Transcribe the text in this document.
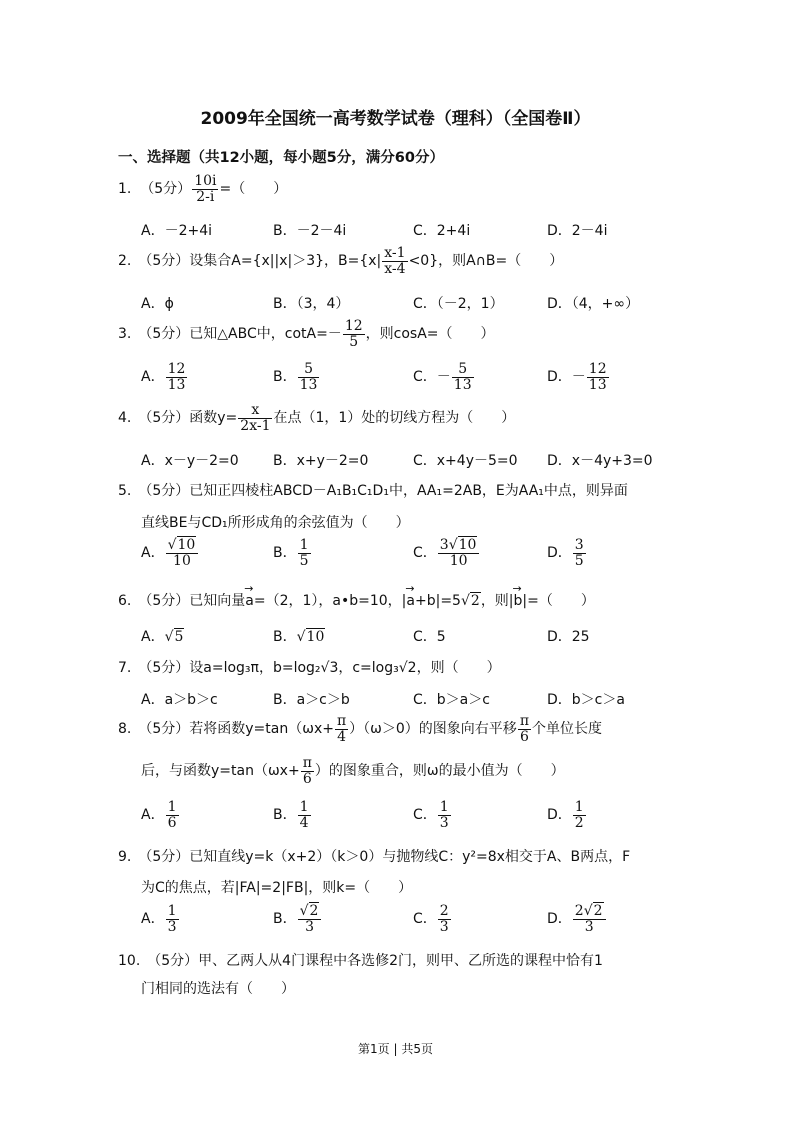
2009年全国统一高考数学试卷（理科）（全国卷Ⅱ）
一、选择题（共12小题，每小题5分，满分60分）
1. （5分） $\frac{10i}{2-i}$ =（　　）
A．－2+4i	B．－2－4i	C．2+4i	D．2－4i
2.　（5分）设集合A={x||x|＞3}，$B=\{x| \frac{x-1}{x-4} <0\}$，则A∩B=（　　）
A．ϕ	B．（3，4）	C．（－2，1）	D．（4，+∞）
3.　（5分）已知△ABC中，$\cot A=- \frac{12}{5}$ ，则cosA=（　　）
A． $\frac{12}{13}$	B． $\frac{5}{13}$	C．－ $\frac{5}{13}$	D．－ $\frac{12}{13}$
4.　（5分）函数$y= \frac{x}{2x-1}$ 在点（1，1）处的切线方程为（　　）
A．x－y－2=0 B．x+y－2=0	C．x+4y－5=0 D．x－4y+3=0
5.　（5分）已知正四棱柱ABCD－A₁B₁C₁D₁中，AA₁=2AB，E为AA₁中点，则异面
直线BE与CD₁所形成角的余弦值为（　　）
A． $\frac{√10}{10}$	B． $\frac{1}{5}$	C． $\frac{3√10}{10}$	D． $\frac{3}{5}$
6.　（5分）已知向量→ a=（2，1），a•b=10，|→ a+b|=5√2，则|→ b|=（　　）
A．√5	B．√10	C．5	D．25
7.　（5分）设a=log₃π，b=log₂√3，c=log₃√2，则（　　）
A．a＞b＞c	B．a＞c＞b	C．b＞a＞c	D．b＞c＞a
8.　（5分）若将函数$y=\tan(\omega x+ \frac{\pi}{4} )(\omega>0)$的图象向右平移 $\frac{\pi}{6}$ 个单位长度
后，与函数$y=\tan(\omega x+ \frac{\pi}{6}$ ）的图象重合，则ω的最小值为（　　）
A． $\frac{1}{6}$	B． $\frac{1}{4}$	C． $\frac{1}{3}$	D． $\frac{1}{2}$
9.　（5分）已知直线y=k（x+2）（k＞0）与抛物线C：y²=8x相交于A、B两点，F
为C的焦点，若|FA|=2|FB|，则k=（　　）
A． $\frac{1}{3}$	B． $\frac{√2}{3}$	C． $\frac{2}{3}$	D． $\frac{2√2}{3}$
10.　（5分）甲、乙两人从4门课程中各选修2门，则甲、乙所选的课程中恰有1
门相同的选法有（　　）
第1页 | 共5页
